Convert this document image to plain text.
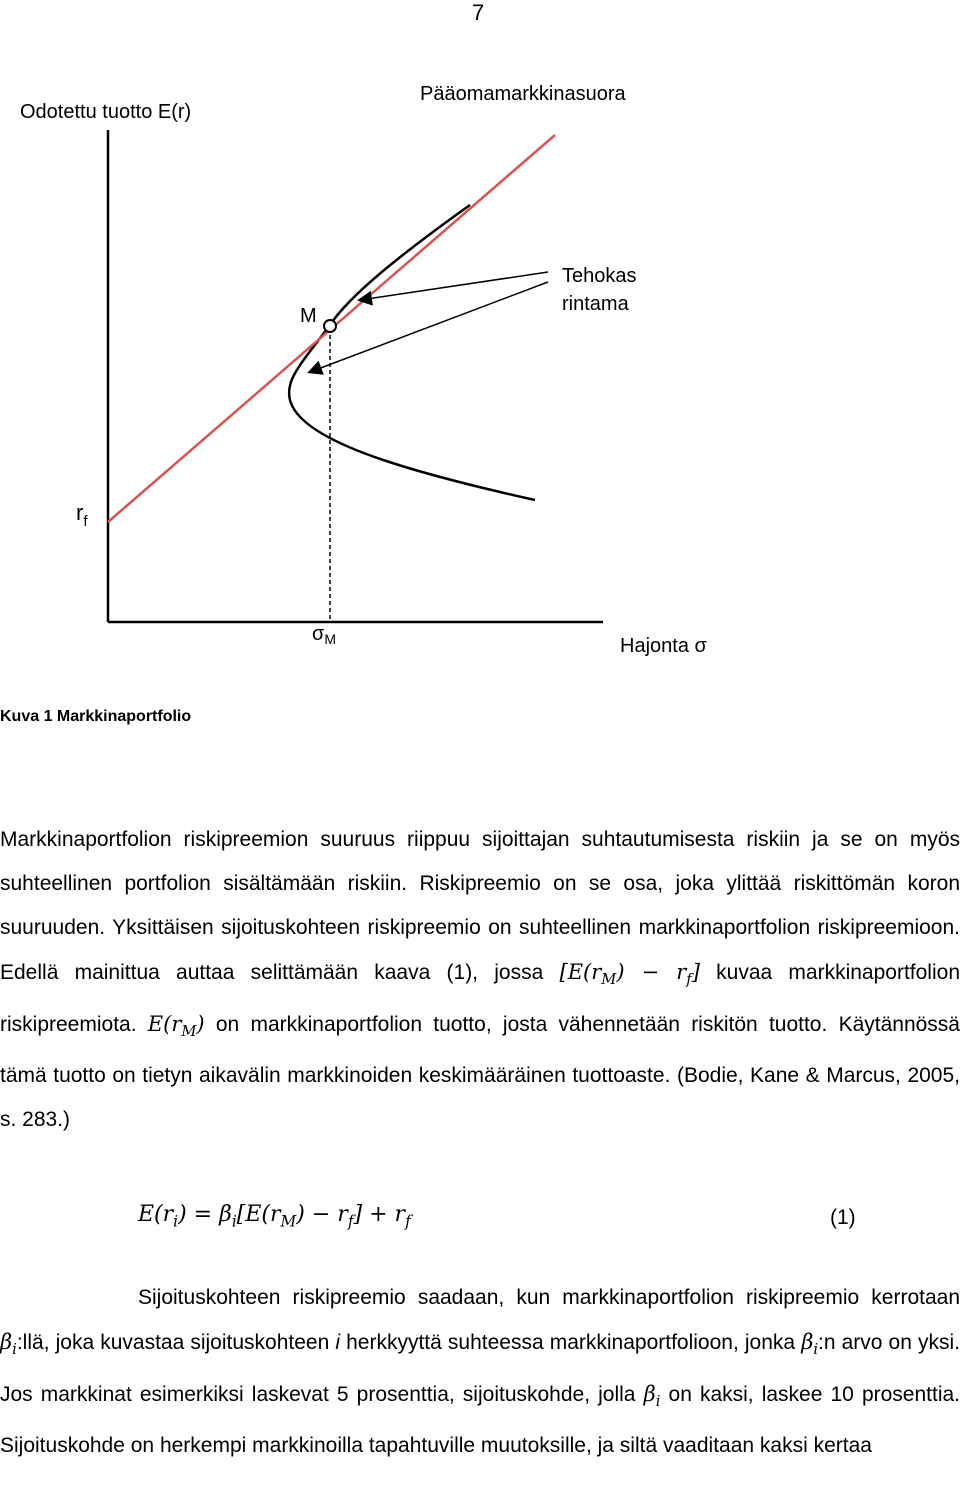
7
Odotettu tuotto E(r)
Pääomamarkkinasuora
Tehokas
rintama
M
$r_f$
$\sigma_M$	Hajonta σ
Kuva 1 Markkinaportfolio
Markkinaportfolion riskipreemion suuruus riippuu sijoittajan suhtautumisesta riskiin ja se on myös suhteellinen portfolion sisältämään riskiin. Riskipreemio on se osa, joka ylittää riskittömän koron suuruuden. Yksittäisen sijoituskohteen riskipreemio on suhteellinen markkinaportfolion riskipreemioon. Edellä mainittua auttaa selittämään kaava (1), jossa $[E(r_M) - r_f]$ kuvaa markkinaportfolion riskipreemiota. $E(r_M)$ on markkinaportfolion tuotto, josta vähennetään riskitön tuotto. Käytännössä tämä tuotto on tietyn aikavälin markkinoiden keskimääräinen tuottoaste. (Bodie, Kane & Marcus, 2005, s. 283.)
$E(r_i) = \beta_i[E(r_M) - r_f] + r_f$	(1)
Sijoituskohteen riskipreemio saadaan, kun markkinaportfolion riskipreemio kerrotaan $\beta_i:llä$, joka kuvastaa sijoituskohteen i herkkyyttä suhteessa markkinaportfolioon, jonka $\beta_i:n$ arvo on yksi. Jos markkinat esimerkiksi laskevat 5 prosenttia, sijoituskohde, jolla $\beta_i$ on kaksi, laskee 10 prosenttia. Sijoituskohde on herkempi markkinoilla tapahtuville muutoksille, ja siltä vaaditaan kaksi kertaa
